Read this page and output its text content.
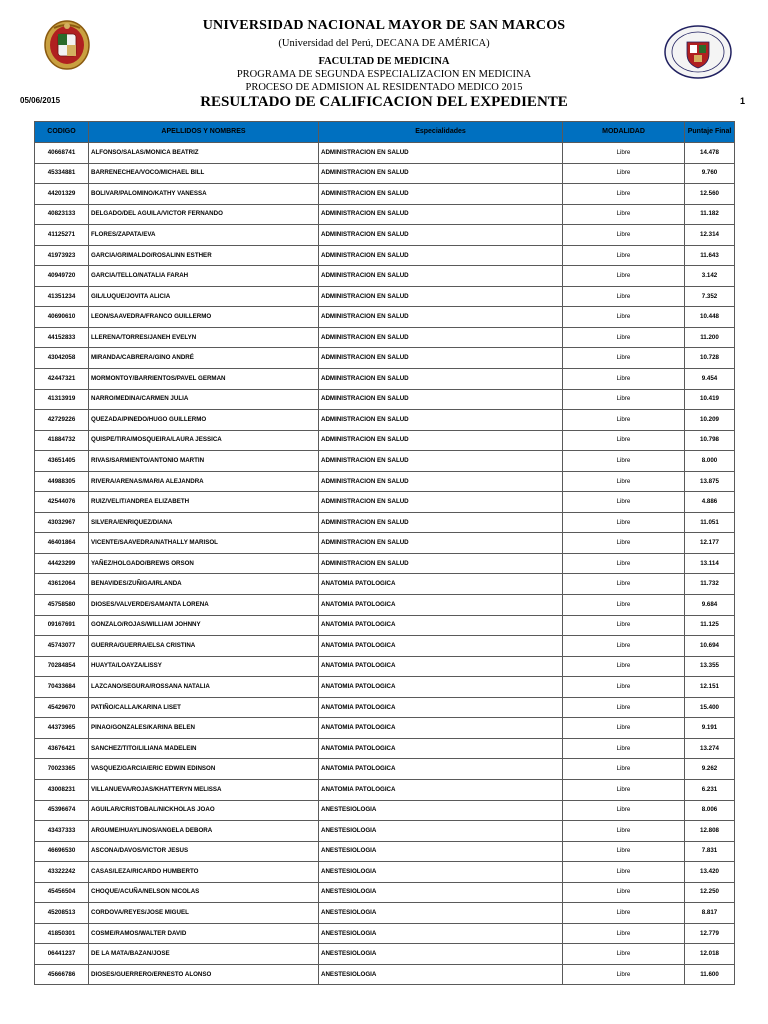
UNIVERSIDAD NACIONAL MAYOR DE SAN MARCOS
(Universidad del Perú, DECANA DE AMÉRICA)
FACULTAD DE MEDICINA
PROGRAMA DE SEGUNDA ESPECIALIZACION EN MEDICINA
PROCESO DE ADMISION AL RESIDENTADO MEDICO 2015
RESULTADO DE CALIFICACION DEL EXPEDIENTE
05/06/2015	1
CODIGO	APELLIDOS Y NOMBRES	Especialidades	MODALIDAD	Puntaje Final
40668741	ALFONSO/SALAS/MONICA BEATRIZ	ADMINISTRACION EN SALUD	Libre	14.478
45334881	BARRENECHEA/VOCO/MICHAEL BILL	ADMINISTRACION EN SALUD	Libre	9.760
44201329	BOLIVAR/PALOMINO/KATHY VANESSA	ADMINISTRACION EN SALUD	Libre	12.560
40823133	DELGADO/DEL AGUILA/VICTOR FERNANDO	ADMINISTRACION EN SALUD	Libre	11.182
41125271	FLORES/ZAPATA/EVA	ADMINISTRACION EN SALUD	Libre	12.314
41973923	GARCIA/GRIMALDO/ROSALINN ESTHER	ADMINISTRACION EN SALUD	Libre	11.643
40949720	GARCIA/TELLO/NATALIA FARAH	ADMINISTRACION EN SALUD	Libre	3.142
41351234	GIL/LUQUE/JOVITA ALICIA	ADMINISTRACION EN SALUD	Libre	7.352
40690610	LEON/SAAVEDRA/FRANCO GUILLERMO	ADMINISTRACION EN SALUD	Libre	10.448
44152833	LLERENA/TORRES/JANEH EVELYN	ADMINISTRACION EN SALUD	Libre	11.200
43042058	MIRANDA/CABRERA/GINO ANDRÉ	ADMINISTRACION EN SALUD	Libre	10.728
42447321	MORMONTOY/BARRIENTOS/PAVEL GERMAN	ADMINISTRACION EN SALUD	Libre	9.454
41313919	NARRO/MEDINA/CARMEN JULIA	ADMINISTRACION EN SALUD	Libre	10.419
42729226	QUEZADA/PINEDO/HUGO GUILLERMO	ADMINISTRACION EN SALUD	Libre	10.209
41884732	QUISPE/TIRA/MOSQUEIRA/LAURA JESSICA	ADMINISTRACION EN SALUD	Libre	10.798
43651405	RIVAS/SARMIENTO/ANTONIO MARTIN	ADMINISTRACION EN SALUD	Libre	8.000
44988305	RIVERA/ARENAS/MARIA ALEJANDRA	ADMINISTRACION EN SALUD	Libre	13.875
42544076	RUIZ/VELIT/ANDREA ELIZABETH	ADMINISTRACION EN SALUD	Libre	4.886
43032967	SILVERA/ENRIQUEZ/DIANA	ADMINISTRACION EN SALUD	Libre	11.051
46401864	VICENTE/SAAVEDRA/NATHALLY MARISOL	ADMINISTRACION EN SALUD	Libre	12.177
44423299	YAÑEZ/HOLGADO/BREWS ORSON	ADMINISTRACION EN SALUD	Libre	13.114
43612064	BENAVIDES/ZUÑIGA/IRLANDA	ANATOMIA PATOLOGICA	Libre	11.732
45758580	DIOSES/VALVERDE/SAMANTA LORENA	ANATOMIA PATOLOGICA	Libre	9.684
09167691	GONZALO/ROJAS/WILLIAM JOHNNY	ANATOMIA PATOLOGICA	Libre	11.125
45743077	GUERRA/GUERRA/ELSA CRISTINA	ANATOMIA PATOLOGICA	Libre	10.694
70284854	HUAYTA/LOAYZA/LISSY	ANATOMIA PATOLOGICA	Libre	13.355
70433684	LAZCANO/SEGURA/ROSSANA NATALIA	ANATOMIA PATOLOGICA	Libre	12.151
45429670	PATIÑO/CALLA/KARINA LISET	ANATOMIA PATOLOGICA	Libre	15.400
44373965	PINAO/GONZALES/KARINA BELEN	ANATOMIA PATOLOGICA	Libre	9.191
43676421	SANCHEZ/TITO/LILIANA MADELEIN	ANATOMIA PATOLOGICA	Libre	13.274
70023365	VASQUEZ/GARCIA/ERIC EDWIN EDINSON	ANATOMIA PATOLOGICA	Libre	9.262
43008231	VILLANUEVA/ROJAS/KHATTERYN MELISSA	ANATOMIA PATOLOGICA	Libre	6.231
45396674	AGUILAR/CRISTOBAL/NICKHOLAS JOAO	ANESTESIOLOGIA	Libre	8.006
43437333	ARGUME/HUAYLINOS/ANGELA DEBORA	ANESTESIOLOGIA	Libre	12.808
46696530	ASCONA/DAVOS/VICTOR JESUS	ANESTESIOLOGIA	Libre	7.831
43322242	CASAS/LEZA/RICARDO HUMBERTO	ANESTESIOLOGIA	Libre	13.420
45456504	CHOQUE/ACUÑA/NELSON NICOLAS	ANESTESIOLOGIA	Libre	12.250
45208513	CORDOVA/REYES/JOSE MIGUEL	ANESTESIOLOGIA	Libre	8.817
41850301	COSME/RAMOS/WALTER DAVID	ANESTESIOLOGIA	Libre	12.779
06441237	DE LA MATA/BAZAN/JOSE	ANESTESIOLOGIA	Libre	12.018
45666786	DIOSES/GUERRERO/ERNESTO ALONSO	ANESTESIOLOGIA	Libre	11.600
